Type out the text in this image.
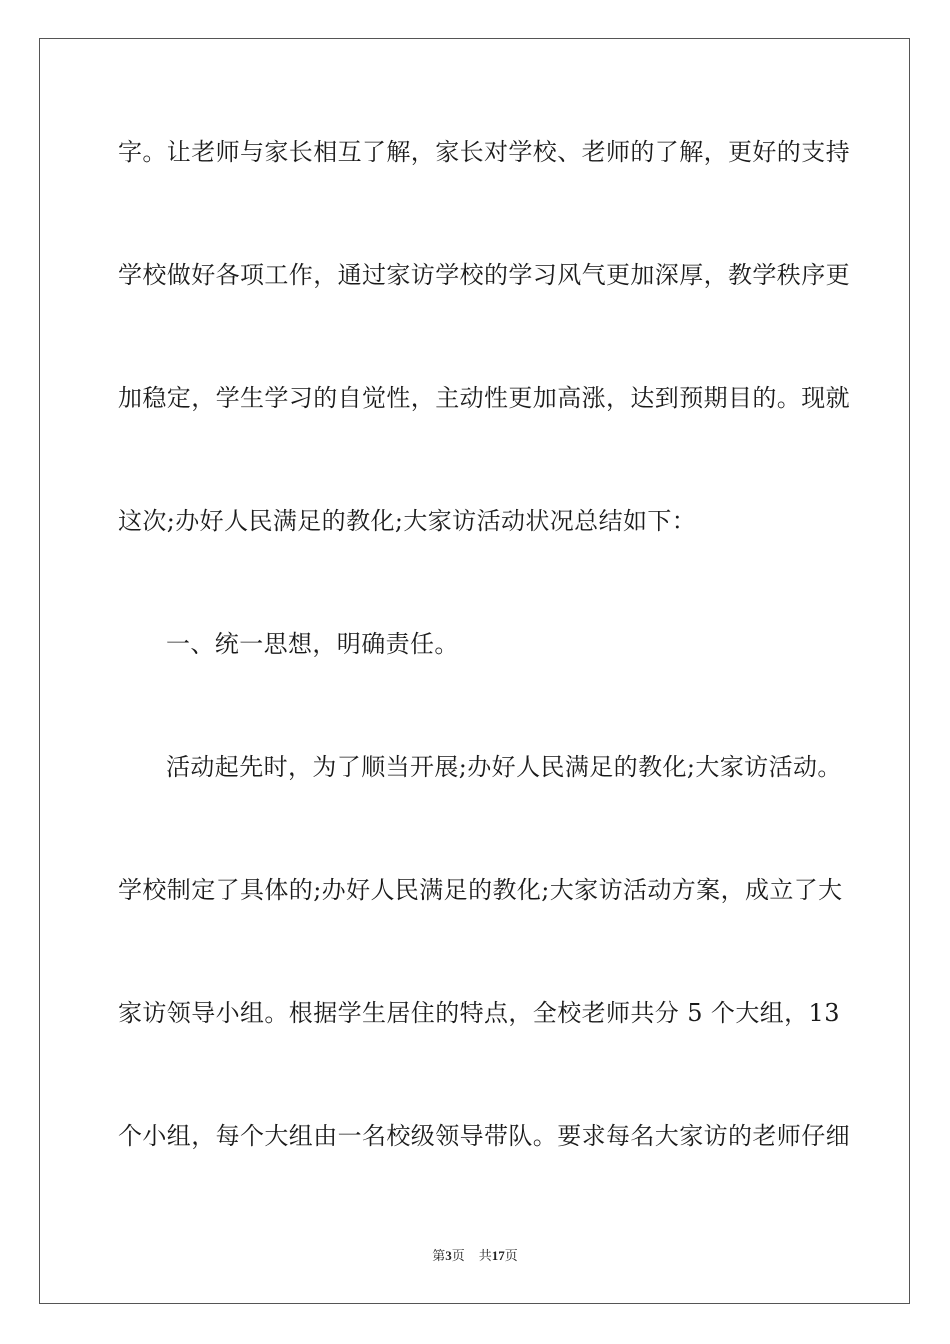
字。让老师与家长相互了解，家长对学校、老师的了解，更好的支持
学校做好各项工作，通过家访学校的学习风气更加深厚，教学秩序更
加稳定，学生学习的自觉性，主动性更加高涨，达到预期目的。现就
这次;办好人民满足的教化;大家访活动状况总结如下：
一、统一思想，明确责任。
活动起先时，为了顺当开展;办好人民满足的教化;大家访活动。
学校制定了具体的;办好人民满足的教化;大家访活动方案，成立了大
家访领导小组。根据学生居住的特点，全校老师共分 5 个大组，13
个小组，每个大组由一名校级领导带队。要求每名大家访的老师仔细
第3页 共17页
